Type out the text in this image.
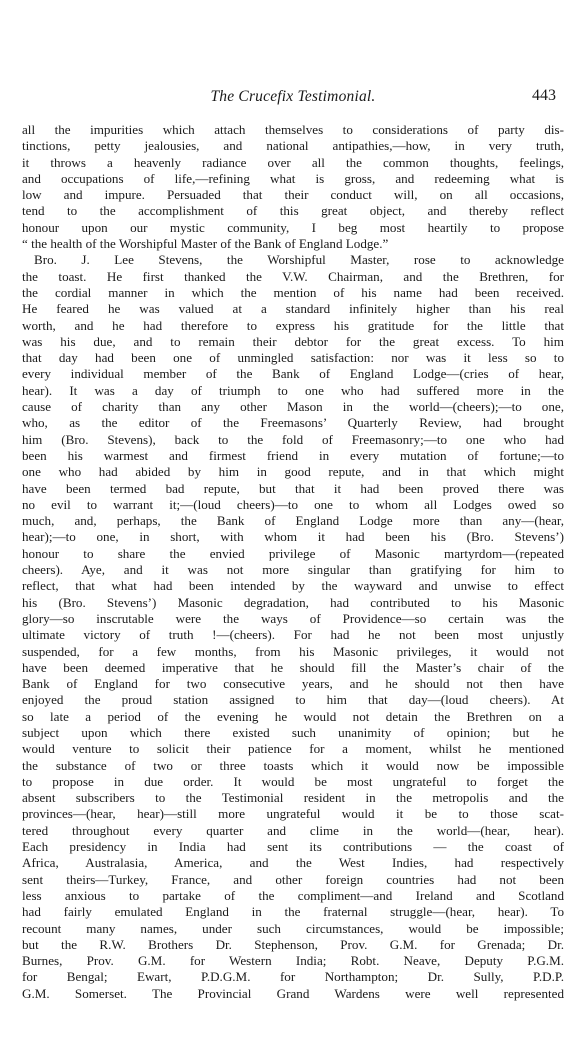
The Crucefix Testimonial.	443
all the impurities which attach themselves to considerations of party dis-
tinctions, petty jealousies, and national antipathies,—how, in very truth,
it throws a heavenly radiance over all the common thoughts, feelings,
and occupations of life,—refining what is gross, and redeeming what is
low and impure. Persuaded that their conduct will, on all occasions,
tend to the accomplishment of this great object, and thereby reflect
honour upon our mystic community, I beg most heartily to propose
“ the health of the Worshipful Master of the Bank of England Lodge.”
Bro. J. Lee Stevens, the Worshipful Master, rose to acknowledge
the toast. He first thanked the V.W. Chairman, and the Brethren, for
the cordial manner in which the mention of his name had been received.
He feared he was valued at a standard infinitely higher than his real
worth, and he had therefore to express his gratitude for the little that
was his due, and to remain their debtor for the great excess. To him
that day had been one of unmingled satisfaction: nor was it less so to
every individual member of the Bank of England Lodge—(cries of hear,
hear). It was a day of triumph to one who had suffered more in the
cause of charity than any other Mason in the world—(cheers);—to one,
who, as the editor of the Freemasons’ Quarterly Review, had brought
him (Bro. Stevens), back to the fold of Freemasonry;—to one who had
been his warmest and firmest friend in every mutation of fortune;—to
one who had abided by him in good repute, and in that which might
have been termed bad repute, but that it had been proved there was
no evil to warrant it;—(loud cheers)—to one to whom all Lodges owed so
much, and, perhaps, the Bank of England Lodge more than any—(hear,
hear);—to one, in short, with whom it had been his (Bro. Stevens’)
honour to share the envied privilege of Masonic martyrdom—(repeated
cheers). Aye, and it was not more singular than gratifying for him to
reflect, that what had been intended by the wayward and unwise to effect
his (Bro. Stevens’) Masonic degradation, had contributed to his Masonic
glory—so inscrutable were the ways of Providence—so certain was the
ultimate victory of truth !—(cheers). For had he not been most unjustly
suspended, for a few months, from his Masonic privileges, it would not
have been deemed imperative that he should fill the Master’s chair of the
Bank of England for two consecutive years, and he should not then have
enjoyed the proud station assigned to him that day—(loud cheers). At
so late a period of the evening he would not detain the Brethren on a
subject upon which there existed such unanimity of opinion; but he
would venture to solicit their patience for a moment, whilst he mentioned
the substance of two or three toasts which it would now be impossible
to propose in due order. It would be most ungrateful to forget the
absent subscribers to the Testimonial resident in the metropolis and the
provinces—(hear, hear)—still more ungrateful would it be to those scat-
tered throughout every quarter and clime in the world—(hear, hear).
Each presidency in India had sent its contributions — the coast of
Africa, Australasia, America, and the West Indies, had respectively
sent theirs—Turkey, France, and other foreign countries had not been
less anxious to partake of the compliment—and Ireland and Scotland
had fairly emulated England in the fraternal struggle—(hear, hear). To
recount many names, under such circumstances, would be impossible;
but the R.W. Brothers Dr. Stephenson, Prov. G.M. for Grenada; Dr.
Burnes, Prov. G.M. for Western India; Robt. Neave, Deputy P.G.M.
for Bengal; Ewart, P.D.G.M. for Northampton; Dr. Sully, P.D.P.
G.M. Somerset. The Provincial Grand Wardens were well represented
